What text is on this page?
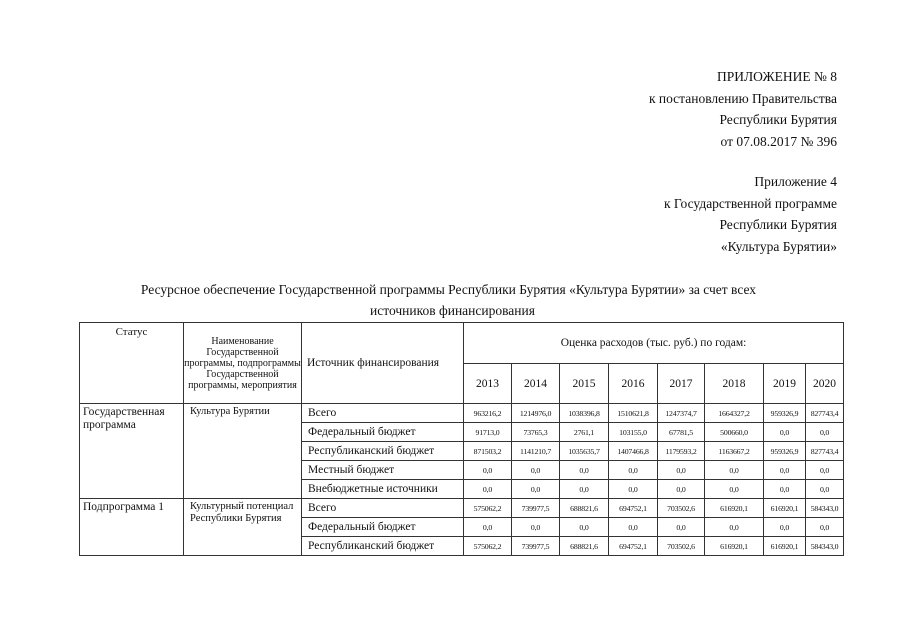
ПРИЛОЖЕНИЕ № 8
к постановлению Правительства
Республики Бурятия
от 07.08.2017 № 396
Приложение 4
к Государственной программе
Республики Бурятия
«Культура Бурятии»
Ресурсное обеспечение Государственной программы Республики Бурятия «Культура Бурятии» за счет всех
источников финансирования
Статус	Наименование Государственной программы, подпрограммы Государственной программы, мероприятия	Источник финансирования	Оценка расходов (тыс. руб.) по годам:							
			2013	2014	2015	2016	2017	2018	2019	2020
Государственная программа	Культура Бурятии	Всего	963216,2	1214976,0	1038396,8	1510621,8	1247374,7	1664327,2	959326,9	827743,4
		Федеральный бюджет	91713,0	73765,3	2761,1	103155,0	67781,5	500660,0	0,0	0,0
		Республиканский бюджет	871503,2	1141210,7	1035635,7	1407466,8	1179593,2	1163667,2	959326,9	827743,4
		Местный бюджет	0,0	0,0	0,0	0,0	0,0	0,0	0,0	0,0
		Внебюджетные источники	0,0	0,0	0,0	0,0	0,0	0,0	0,0	0,0
Подпрограмма 1	Культурный потенциал Республики Бурятия	Всего	575062,2	739977,5	688821,6	694752,1	703502,6	616920,1	616920,1	584343,0
		Федеральный бюджет	0,0	0,0	0,0	0,0	0,0	0,0	0,0	0,0
		Республиканский бюджет	575062,2	739977,5	688821,6	694752,1	703502,6	616920,1	616920,1	584343,0
